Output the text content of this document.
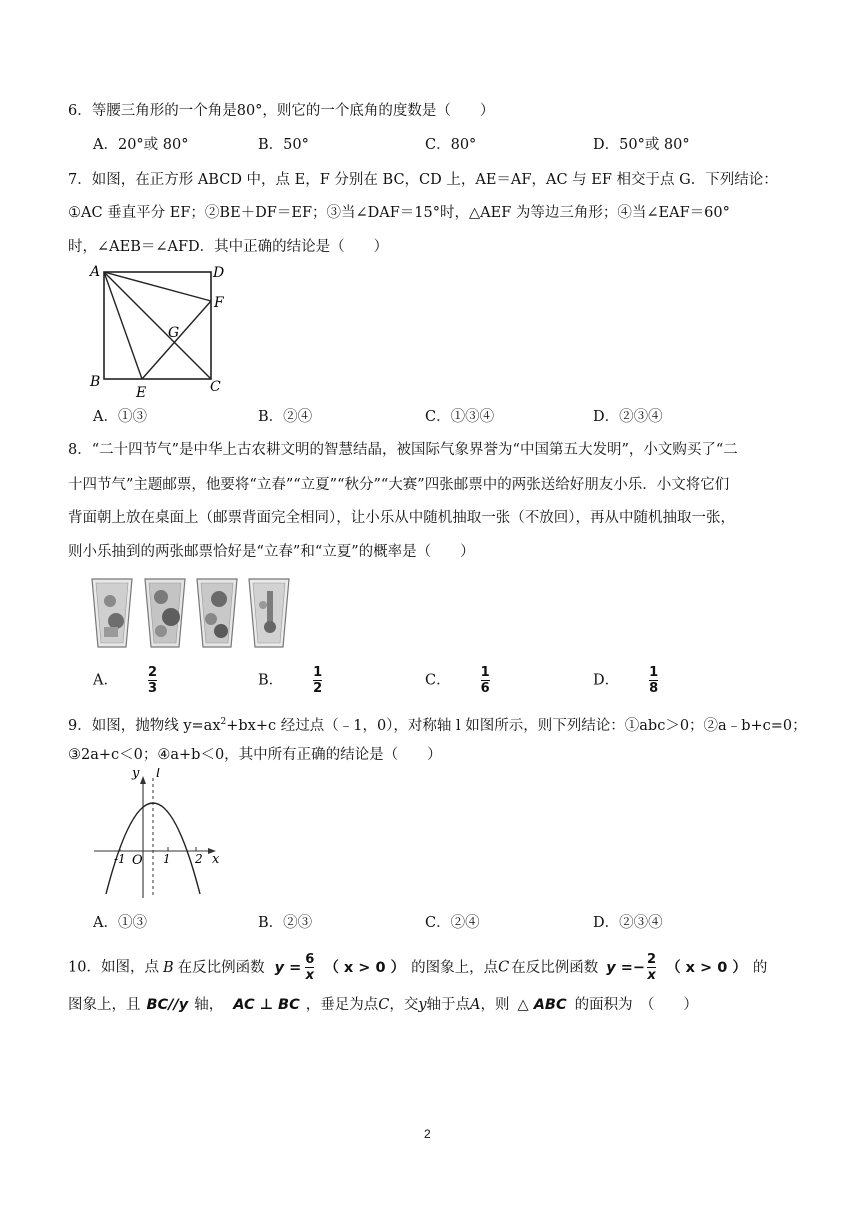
6．等腰三角形的一个角是80°，则它的一个底角的度数是（　　）
A．20°或 80°	B．50°	C．80°	D．50°或 80°
7．如图，在正方形 ABCD 中，点 E，F 分别在 BC，CD 上，AE＝AF，AC 与 EF 相交于点 G．下列结论：
①AC 垂直平分 EF；②BE＋DF＝EF；③当∠DAF＝15°时，△AEF 为等边三角形；④当∠EAF＝60°
时，∠AEB＝∠AFD．其中正确的结论是（　　）
A	D
F
G
B
E	C
A．①③	B．②④	C．①③④	D．②③④
8．“二十四节气”是中华上古农耕文明的智慧结晶，被国际气象界誉为“中国第五大发明”，小文购买了“二
十四节气”主题邮票，他要将“立春”“立夏”“秋分”“大赛”四张邮票中的两张送给好朋友小乐．小文将它们
背面朝上放在桌面上（邮票背面完全相同），让小乐从中随机抽取一张（不放回），再从中随机抽取一张，
则小乐抽到的两张邮票恰好是“立春”和“立夏”的概率是（　　）
A． $\frac{2}{3}$	B． $\frac{1}{2}$	C． $\frac{1}{6}$	D． $\frac{1}{8}$
9．如图，抛物线 $y=ax^2+bx+c$ 经过点（﹣1，0），对称轴 l 如图所示，则下列结论：①abc＞0；②a﹣b+c=0；
③2a+c＜0；④a+b＜0，其中所有正确的结论是（　　）
y l
x
O
-1	1 2
A．①③	B．②③	C．②④	D．②③④
10．如图，点 B 在反比例函数 $y = \frac{6}{x}$ （ x > 0 ） 的图象上，点C 在反比例函数 $y =- \frac{2}{x}$ （ x > 0 ） 的
图象上，且 BC//y 轴， AC ⊥ BC ，垂足为点C，交y轴于点A，则 △ ABC 的面积为　（　　）
2
